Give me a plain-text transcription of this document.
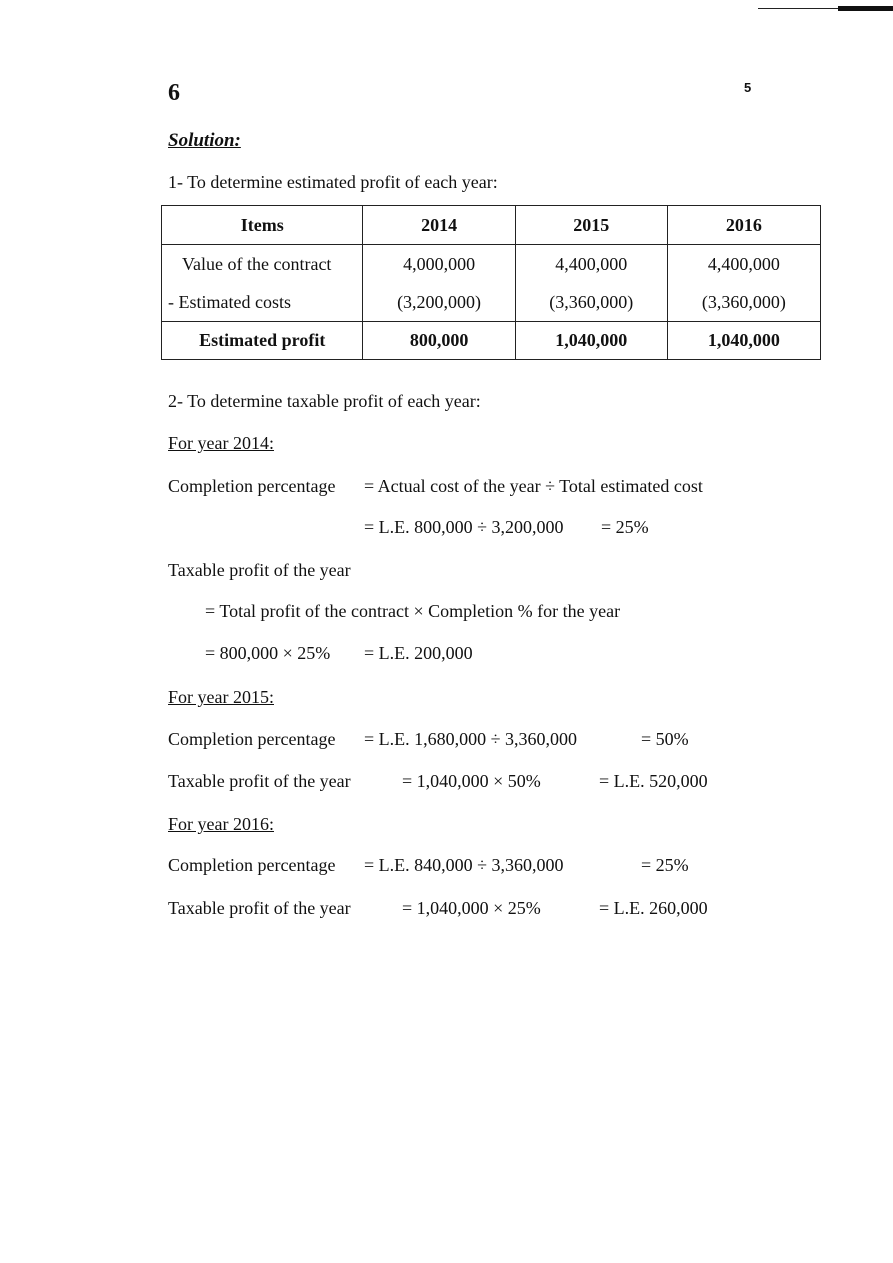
6	5
Solution:
1- To determine estimated profit of each year:
Items	2014	2015	2016
Value of the contract	4,000,000	4,400,000	4,400,000
- Estimated costs	(3,200,000)	(3,360,000)	(3,360,000)
Estimated profit	800,000	1,040,000	1,040,000
2- To determine taxable profit of each year:
For year 2014:
Completion percentage = Actual cost of the year ÷ Total estimated cost
= L.E. 800,000 ÷ 3,200,000 = 25%
Taxable profit of the year
= Total profit of the contract × Completion % for the year
= 800,000 × 25% = L.E. 200,000
For year 2015:
Completion percentage = L.E. 1,680,000 ÷ 3,360,000	= 50%
Taxable profit of the year	= 1,040,000 × 50%	= L.E. 520,000
For year 2016:
Completion percentage = L.E. 840,000 ÷ 3,360,000	= 25%
Taxable profit of the year	= 1,040,000 × 25%	= L.E. 260,000
